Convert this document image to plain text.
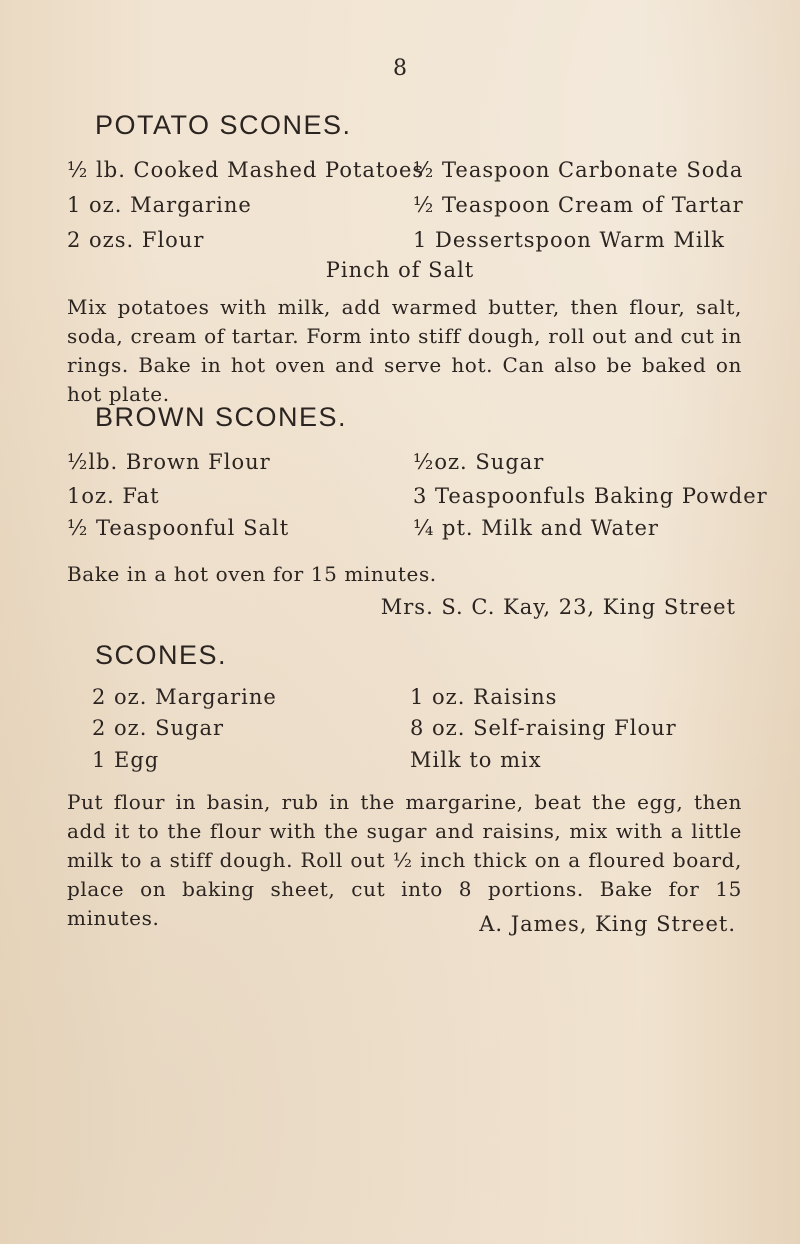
8
POTATO SCONES.
½ lb. Cooked Mashed Potatoes
1 oz. Margarine
2 ozs. Flour
½ Teaspoon Carbonate Soda
½ Teaspoon Cream of Tartar
1 Dessertspoon Warm Milk
Pinch of Salt

Mix potatoes with milk, add warmed butter, then flour, salt, soda, cream of tartar. Form into stiff dough, roll out and cut in rings. Bake in hot oven and serve hot. Can also be baked on hot plate.

BROWN SCONES.
½lb. Brown Flour
1oz. Fat
½ Teaspoonful Salt
½oz. Sugar
3 Teaspoonfuls Baking Powder
¼ pt. Milk and Water

Bake in a hot oven for 15 minutes.

Mrs. S. C. Kay, 23, King Street
SCONES.
2 oz. Margarine
2 oz. Sugar
1 Egg
1 oz. Raisins
8 oz. Self-raising Flour
Milk to mix

Put flour in basin, rub in the margarine, beat the egg, then add it to the flour with the sugar and raisins, mix with a little milk to a stiff dough. Roll out ½ inch thick on a floured board, place on baking sheet, cut into 8 portions. Bake for 15 minutes.	A. James, King Street.
